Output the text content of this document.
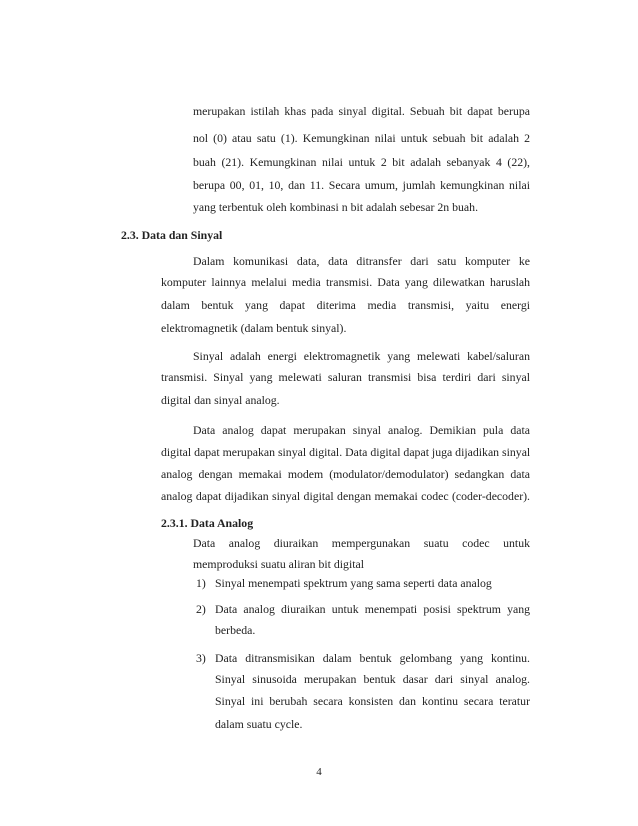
merupakan istilah khas pada sinyal digital. Sebuah bit dapat berupa
nol (0) atau satu (1). Kemungkinan nilai untuk sebuah bit adalah 2
buah (21). Kemungkinan nilai untuk 2 bit adalah sebanyak 4 (22),
berupa 00, 01, 10, dan 11. Secara umum, jumlah kemungkinan nilai
yang terbentuk oleh kombinasi n bit adalah sebesar 2n buah.
2.3. Data dan Sinyal
Dalam komunikasi data, data ditransfer dari satu komputer ke
komputer lainnya melalui media transmisi. Data yang dilewatkan haruslah
dalam bentuk yang dapat diterima media transmisi, yaitu energi
elektromagnetik (dalam bentuk sinyal).
Sinyal adalah energi elektromagnetik yang melewati kabel/saluran
transmisi. Sinyal yang melewati saluran transmisi bisa terdiri dari sinyal
digital dan sinyal analog.
Data analog dapat merupakan sinyal analog. Demikian pula data
digital dapat merupakan sinyal digital. Data digital dapat juga dijadikan sinyal
analog dengan memakai modem (modulator/demodulator) sedangkan data
analog dapat dijadikan sinyal digital dengan memakai codec (coder-decoder).
2.3.1. Data Analog
Data analog diuraikan mempergunakan suatu codec untuk
memproduksi suatu aliran bit digital
1) Sinyal menempati spektrum yang sama seperti data analog
2) Data analog diuraikan untuk menempati posisi spektrum yang
berbeda.
3) Data ditransmisikan dalam bentuk gelombang yang kontinu.
Sinyal sinusoida merupakan bentuk dasar dari sinyal analog.
Sinyal ini berubah secara konsisten dan kontinu secara teratur
dalam suatu cycle.
4
